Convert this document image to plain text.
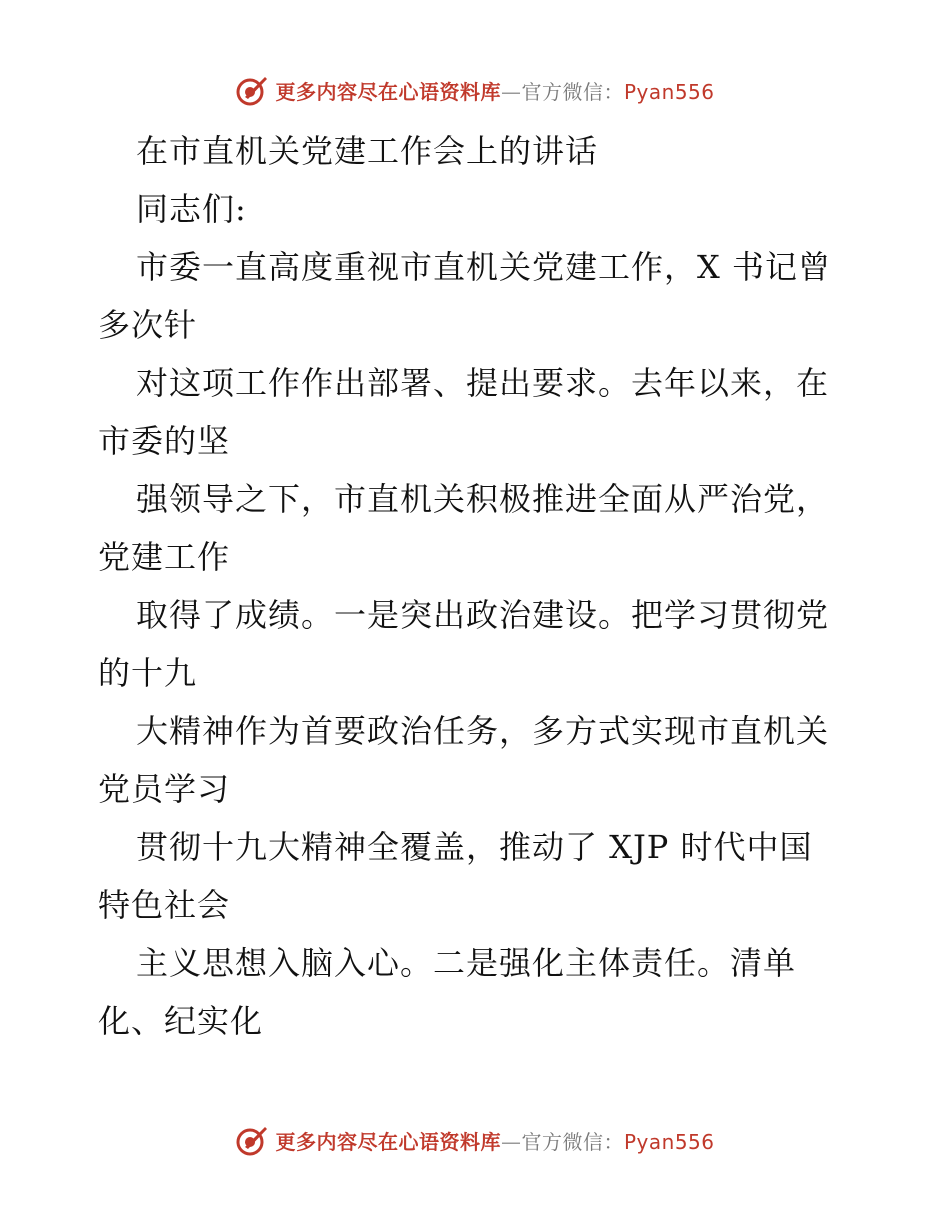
更多内容尽在心语资料库—官方微信：Pyan556
在市直机关党建工作会上的讲话
同志们:
市委一直高度重视市直机关党建工作，X 书记曾
多次针
对这项工作作出部署、提出要求。去年以来，在
市委的坚
强领导之下，市直机关积极推进全面从严治党，
党建工作
取得了成绩。一是突出政治建设。把学习贯彻党
的十九
大精神作为首要政治任务，多方式实现市直机关
党员学习
贯彻十九大精神全覆盖，推动了 XJP 时代中国
特色社会
主义思想入脑入心。二是强化主体责任。清单
化、纪实化
更多内容尽在心语资料库—官方微信：Pyan556
